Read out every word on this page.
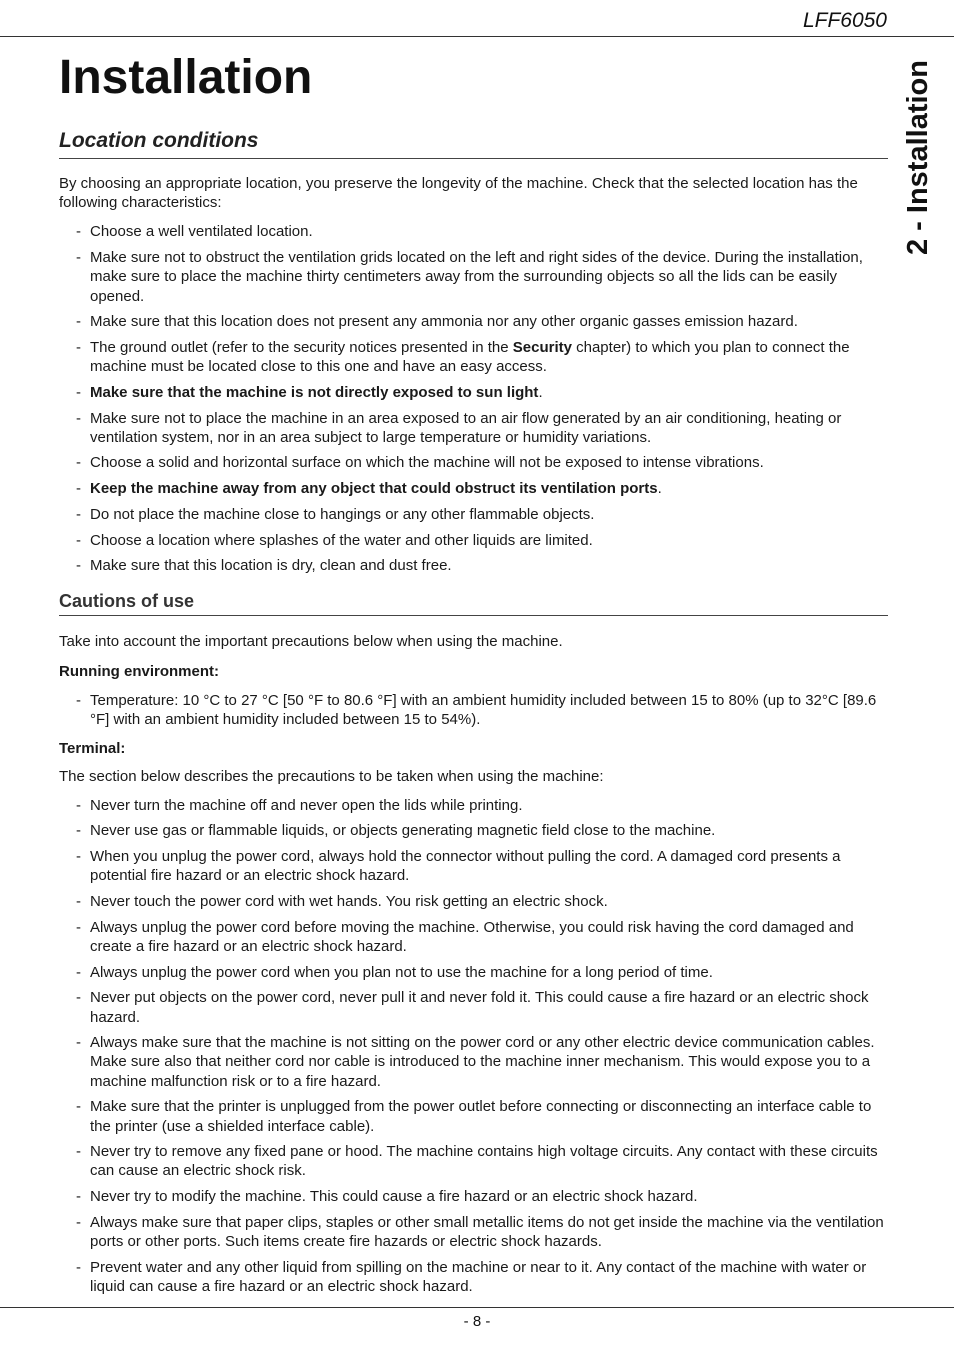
LFF6050
2 - Installation
Installation
Location conditions

By choosing an appropriate location, you preserve the longevity of the machine. Check that the selected location has the following characteristics:

- Choose a well ventilated location.
- Make sure not to obstruct the ventilation grids located on the left and right sides of the device. During the installation, make sure to place the machine thirty centimeters away from the surrounding objects so all the lids can be easily opened.
- Make sure that this location does not present any ammonia nor any other organic gasses emission hazard.
- The ground outlet (refer to the security notices presented in the Security chapter) to which you plan to connect the machine must be located close to this one and have an easy access.
- Make sure that the machine is not directly exposed to sun light.
- Make sure not to place the machine in an area exposed to an air flow generated by an air conditioning, heating or ventilation system, nor in an area subject to large temperature or humidity variations.
- Choose a solid and horizontal surface on which the machine will not be exposed to intense vibrations.
- Keep the machine away from any object that could obstruct its ventilation ports.
- Do not place the machine close to hangings or any other flammable objects.
- Choose a location where splashes of the water and other liquids are limited.
- Make sure that this location is dry, clean and dust free.
Cautions of use

Take into account the important precautions below when using the machine.

Running environment:

- Temperature: 10 °C to 27 °C [50 °F to 80.6 °F] with an ambient humidity included between 15 to 80% (up to 32°C [89.6 °F] with an ambient humidity included between 15 to 54%).

Terminal:

The section below describes the precautions to be taken when using the machine:

- Never turn the machine off and never open the lids while printing.
- Never use gas or flammable liquids, or objects generating magnetic field close to the machine.
- When you unplug the power cord, always hold the connector without pulling the cord. A damaged cord presents a potential fire hazard or an electric shock hazard.
- Never touch the power cord with wet hands. You risk getting an electric shock.
- Always unplug the power cord before moving the machine. Otherwise, you could risk having the cord damaged and create a fire hazard or an electric shock hazard.
- Always unplug the power cord when you plan not to use the machine for a long period of time.
- Never put objects on the power cord, never pull it and never fold it. This could cause a fire hazard or an electric shock hazard.
- Always make sure that the machine is not sitting on the power cord or any other electric device communication cables. Make sure also that neither cord nor cable is introduced to the machine inner mechanism. This would expose you to a machine malfunction risk or to a fire hazard.
- Make sure that the printer is unplugged from the power outlet before connecting or disconnecting an interface cable to the printer (use a shielded interface cable).
- Never try to remove any fixed pane or hood. The machine contains high voltage circuits. Any contact with these circuits can cause an electric shock risk.
- Never try to modify the machine. This could cause a fire hazard or an electric shock hazard.
- Always make sure that paper clips, staples or other small metallic items do not get inside the machine via the ventilation ports or other ports. Such items create fire hazards or electric shock hazards.
- Prevent water and any other liquid from spilling on the machine or near to it. Any contact of the machine with water or liquid can cause a fire hazard or an electric shock hazard.
- 8 -
